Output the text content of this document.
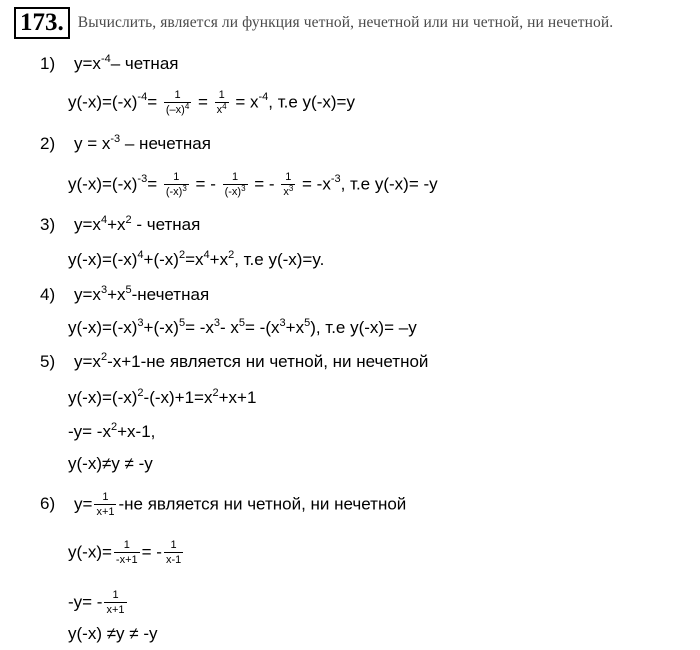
173. Вычислить, является ли функция четной, нечетной или ни четной, ни нечетной.
1) $y=x^{-4}-$ четная
$y(-x)=(-x)^{-4}= \frac{1}{(-x)^4} = \frac{1}{x^4} = x^{-4}$, т.е y(-x)=y
2) $y = x^{-3}$ – нечетная
$y(-x)=(-x)^{-3}= \frac{1}{(-x)^3}$ = - $\frac{1}{(-x)^3}$ = - $\frac{1}{x^3} = -x^{-3}$, т.е y(-x)= -y
3) $y=x^4+x^2$ - четная
$y(-x)=(-x)^4+(-x)^2=x^4+x^2$, т.е y(-x)=y.
4) $y=x^3+x^5$-нечетная
$y(-x)=(-x)^3+(-x)^5= -x^3-$ $x^5= -(x^3+x^5)$, т.е y(-x)= –y
5) $y=x^2-x+1-не$ является ни четной, ни нечетной
$y(-x)=(-x)^2-(-x)+1=x^2+x+1$
$-y= -x^2+x-1$,
y(-x)≠y ≠ -y
6) $y= \frac{1}{x+1} -не$ является ни четной, ни нечетной
$y(-x)= \frac{1}{-x+1}$ = - $\frac{1}{x-1}$
$-y= - \frac{1}{x+1}$
y(-x) ≠y ≠ -y
